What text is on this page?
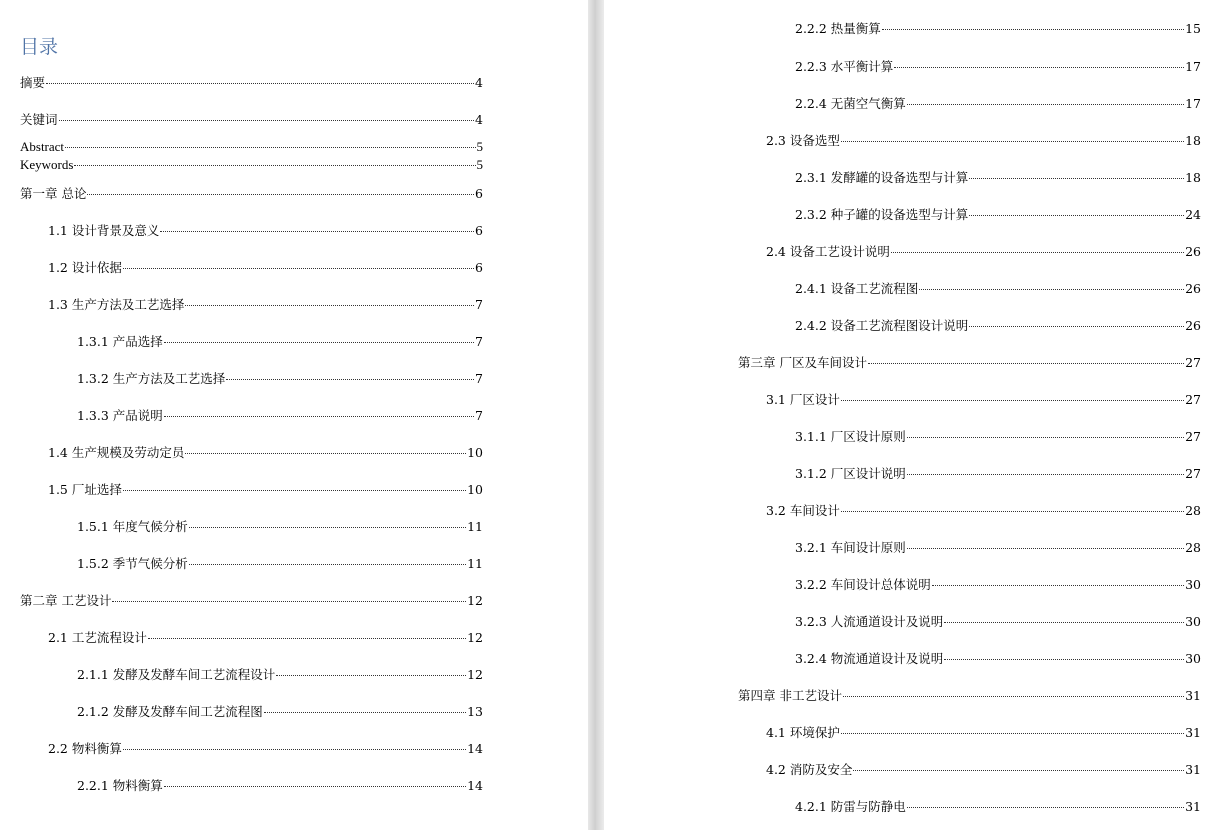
目录
摘要	4
关键词	4
Abstract	5
Keywords	5
第一章 总论	6
1.1 设计背景及意义	6
1.2 设计依据	6
1.3 生产方法及工艺选择	7
1.3.1 产品选择	7
1.3.2 生产方法及工艺选择	7
1.3.3 产品说明	7
1.4 生产规模及劳动定员	10
1.5 厂址选择	10
1.5.1 年度气候分析	11
1.5.2 季节气候分析	11
第二章 工艺设计	12
2.1 工艺流程设计	12
2.1.1 发酵及发酵车间工艺流程设计	12
2.1.2 发酵及发酵车间工艺流程图	13
2.2 物料衡算	14
2.2.1 物料衡算	14
2.2.2 热量衡算	15
2.2.3 水平衡计算	17
2.2.4 无菌空气衡算	17
2.3 设备选型	18
2.3.1 发酵罐的设备选型与计算	18
2.3.2 种子罐的设备选型与计算	24
2.4 设备工艺设计说明	26
2.4.1 设备工艺流程图	26
2.4.2 设备工艺流程图设计说明	26
第三章 厂区及车间设计	27
3.1 厂区设计	27
3.1.1 厂区设计原则	27
3.1.2 厂区设计说明	27
3.2 车间设计	28
3.2.1 车间设计原则	28
3.2.2 车间设计总体说明	30
3.2.3 人流通道设计及说明	30
3.2.4 物流通道设计及说明	30
第四章 非工艺设计	31
4.1 环境保护	31
4.2 消防及安全	31
4.2.1 防雷与防静电	31
